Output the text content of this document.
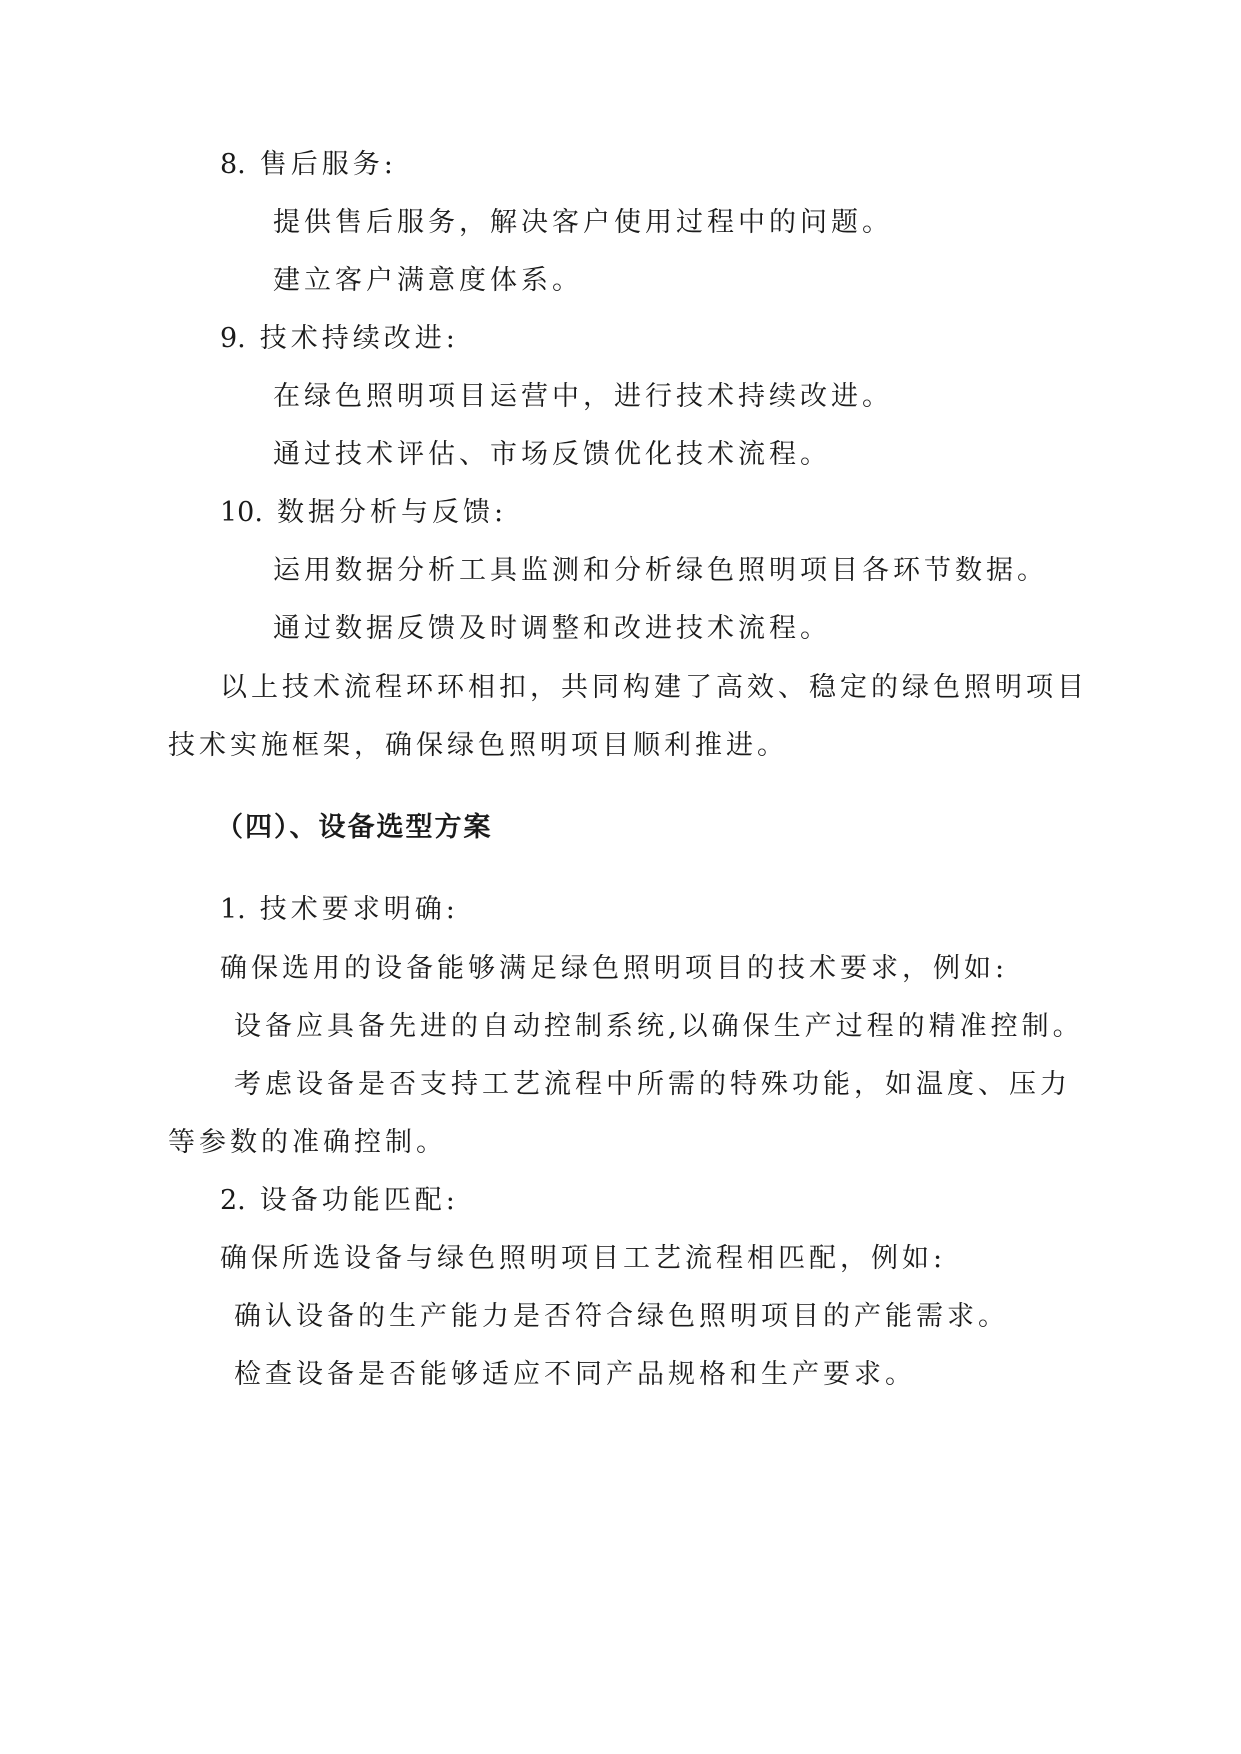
8. 售后服务:
提供售后服务，解决客户使用过程中的问题。
建立客户满意度体系。
9. 技术持续改进:
在绿色照明项目运营中，进行技术持续改进。
通过技术评估、市场反馈优化技术流程。
10. 数据分析与反馈:
运用数据分析工具监测和分析绿色照明项目各环节数据。
通过数据反馈及时调整和改进技术流程。
以上技术流程环环相扣，共同构建了高效、稳定的绿色照明项目
技术实施框架，确保绿色照明项目顺利推进。
（四）、设备选型方案
1. 技术要求明确:
确保选用的设备能够满足绿色照明项目的技术要求，例如:
设备应具备先进的自动控制系统,以确保生产过程的精准控制。
考虑设备是否支持工艺流程中所需的特殊功能，如温度、压力
等参数的准确控制。
2. 设备功能匹配:
确保所选设备与绿色照明项目工艺流程相匹配，例如:
确认设备的生产能力是否符合绿色照明项目的产能需求。
检查设备是否能够适应不同产品规格和生产要求。
